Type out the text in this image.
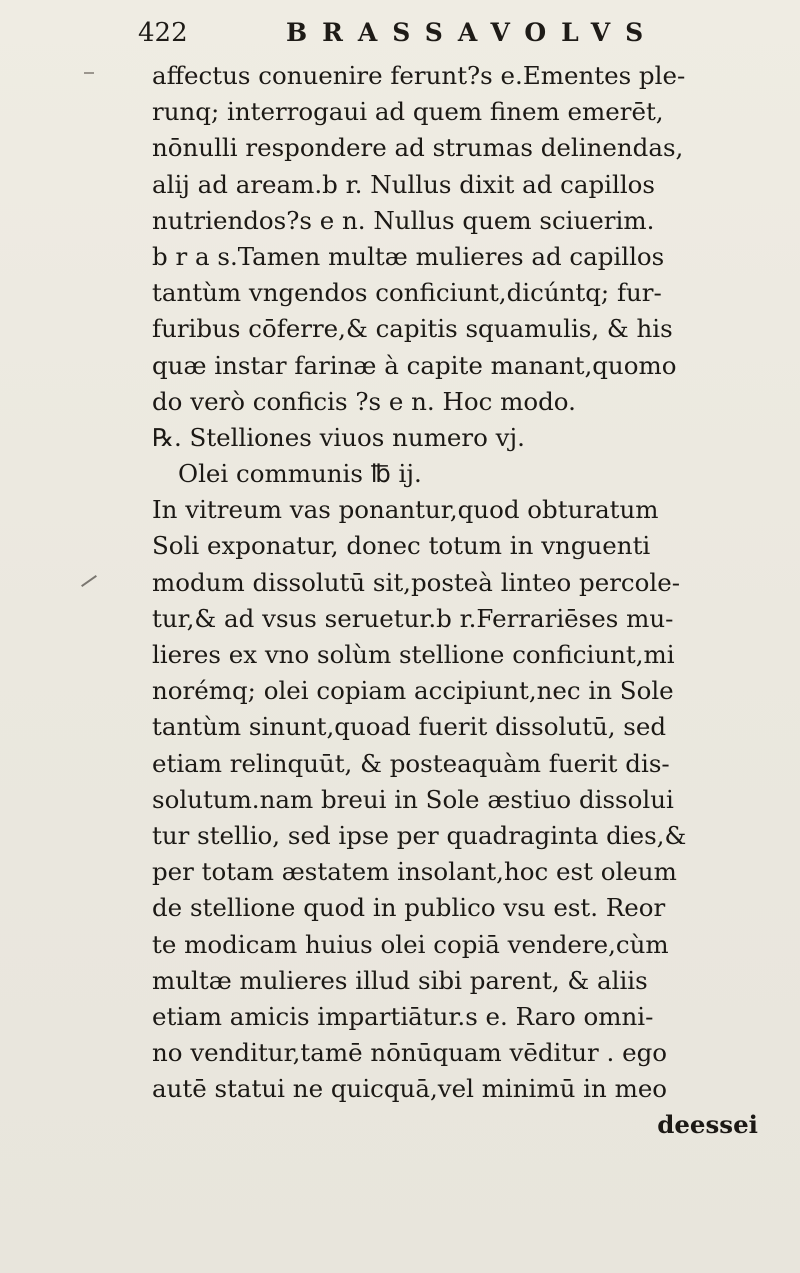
422	BRASSAVOLVS
affectus conuenire ferunt?s e.Ementes ple-
runq; interrogaui ad quem finem emerēt,
nōnulli respondere ad strumas delinendas,
alij ad aream.b r. Nullus dixit ad capillos
nutriendos?s e n. Nullus quem sciuerim.
b r a s.Tamen multæ mulieres ad capillos
tantùm vngendos conficiunt,dicúntq; fur-
furibus cōferre,& capitis squamulis, & his
quæ instar farinæ à capite manant,quomo
do verò conficis ?s e n. Hoc modo.
℞. Stelliones viuos numero vj.
Olei communis ℔ ij.
In vitreum vas ponantur,quod obturatum
Soli exponatur, donec totum in vnguenti
modum dissolutū sit,posteà linteo percole-
tur,& ad vsus seruetur.b r.Ferrariēses mu-
lieres ex vno solùm stellione conficiunt,mi
norémq; olei copiam accipiunt,nec in Sole
tantùm sinunt,quoad fuerit dissolutū, sed
etiam relinquūt, & posteaquàm fuerit dis-
solutum.nam breui in Sole æstiuo dissolui
tur stellio, sed ipse per quadraginta dies,&
per totam æstatem insolant,hoc est oleum
de stellione quod in publico vsu est. Reor
te modicam huius olei copiā vendere,cùm
multæ mulieres illud sibi parent, & aliis
etiam amicis impartiātur.s e. Raro omni-
no venditur,tamē nōnūquam vēditur . ego
autē statui ne quicquā,vel minimū in meo
deessei
